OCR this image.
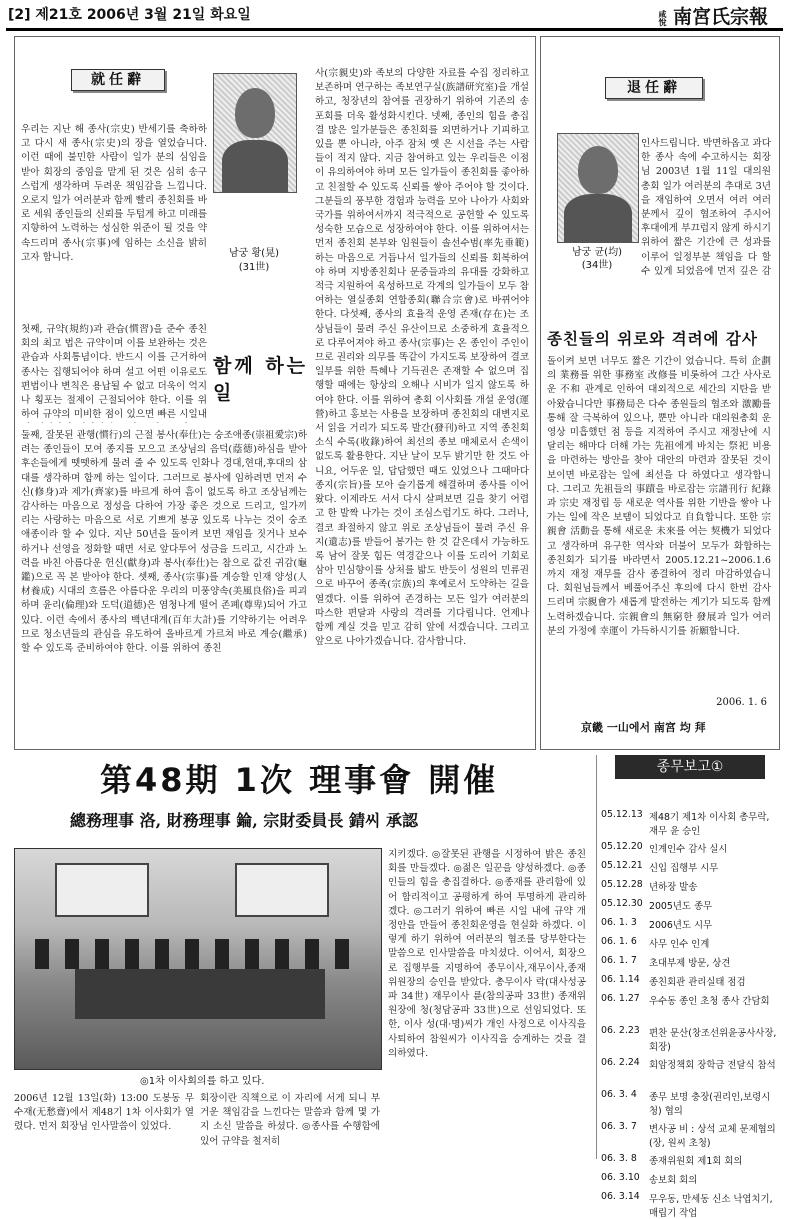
[2] 제21호 2006년 3월 21일 화요일	咸悅 南宮氏宗報
就任辭
남궁 황(晃)
(31世)
우리는 지난 해 종사(宗史) 반세기를 축하하고 다시 새 종사(宗史)의 장을 열었습니다. 이런 때에 불민한 사람이 일가 분의 심임을 받아 회장의 중임을 맡게 된 것은 심히 송구스럽게 생각하며 두려운 책임감을 느낍니다. 오로지 일가 여러분과 함께 빨리 종친회를 바로 세워 종인들의 신뢰를 두텁게 하고 미래를 지향하여 노력하는 성심한 위준이 될 것을 약속드리며 종사(宗事)에 임하는 소신을 밝히고자 합니다.
첫째, 규약(規約)과 관습(慣習)을 준수 종친회의 최고 법은 규약이며 이를 보완하는 것은 관습과 사회통념이다. 반드시 이를 근거하여 종사는 집행되어야 하며 설고 어떤 이유로도 편법이나 변칙은 용납될 수 없고 더욱이 억지나 횡포는 절제이 근절되어야 한다. 이를 위하여 규약의 미비한 점이 있으면 빠른 시일내
함께 하는 일
둘째, 잘못된 관행(慣行)의 근절 봉사(奉仕)는 숭조애종(崇祖愛宗)하려는 종인들이 모여 종지를 모으고 조상님의 음덕(蔭德)하심을 받아 후손들에게 뗏뗏하게 물려 줄 수 있도록 인화나 경대,현대,후대의 삼대를 생각하며 함께 하는 일이다. 그러므로 봉사에 임하려면 먼저 수신(修身)과 제가(齊家)를 바르게 하여 흠이 없도록 하고 조상님께는 감사하는 마음으로 정성을 다하여 가장 좋은 것으로 드리고, 일가끼리는 사랑하는 마음으로 서로 기쁘게 봉공 있도록 나누는 것이 숭조 애종이라 할 수 있다. 지난 50년을 돌이켜 보면 재임을 짓거나 보수하거나 선영을 정화할 때면 서로 앞다투어 성금을 드리고, 시간과 노력을 바친 아름다운 헌신(獻身)과 봉사(奉仕)는 참으로 값진 귀감(龜鑑)으로 꼭 본 받아야 한다. 셋째, 종사(宗事)를 계승할 인재 양성(人材養成) 시대의 흐름은 아름다운 우리의 미풍양속(美風良俗)을 피괴하며 윤리(倫理)와 도덕(道德)은 염청나게 떨어 존폐(尊卑)되어 가고 있다. 이런 속에서 종사의 백년대계(百年大計)를 기약하기는 어려우므로 청소년들의 관심을 유도하여 올바르게 가르쳐 바로 계승(繼承)할 수 있도록 준비하여야 한다. 이를 위하여 종친
사(宗親史)와 족보의 다양한 자료를 수집 정리하고 보존하며 연구하는 족보연구실(族譜研究室)을 개설하고, 청장년의 참여를 권장하기 위하여 기존의 송포회를 더욱 활성화시킨다. 넷째, 종인의 힘을 총집결 많은 일가분들은 종친회를 외면하거나 기피하고 있을 뿐 아니라, 아주 잠처 옛 은 시선을 주는 사람들이 적지 않다. 지금 참여하고 있는 우리들은 이점이 유의하여야 하며 모든 일가들이 종친회를 좋아하고 친절할 수 있도록 신뢰를 쌓아 주어야 할 것이다. 그분들의 풍부한 경험과 능력을 모아 나아가 사회와 국가를 위하여서까지 적극적으로 공헌할 수 있도록 성숙한 모습으로 성장하여야 한다. 이를 위하여서는 먼저 종친회 본부와 임원들이 솔선수범(率先垂範)하는 마음으로 거듭나서 일가들의 신뢰를 회복하여야 하며 지방종친회나 문중들과의 유대를 강화하고 적극 지원하여 육성하므로 각계의 일가들이 모두 참여하는 열실종회 연합종회(聯合宗會)로 바뀌어야 한다. 다섯째, 종사의 효율적 운영 존재(存在)는 조상님들이 물려 주신 유산이므로 소중하게 효율적으로 다루어져야 하고 종사(宗事)는 온 종인이 주인이므로 권리와 의무를 똑같이 가지도록 보장하여 결코 일부를 위한 특혜나 기득권은 존재할 수 없으며 집행할 때에는 항상의 오해나 시비가 일지 않도록 하여야 한다. 이를 위하여 총회 이사회를 개설 운영(運營)하고 홍보는 사용을 보장하며 종친회의 대변지로서 읽을 거리가 되도록 발간(發刊)하고 지역 종친회 소식 수록(收錄)하여 최선의 종보 매체로서 손색이 없도록 활용한다. 지난 날이 모두 밝기만 한 것도 아니요, 어두운 일, 답답했던 때도 있었으나 그때마다 종지(宗旨)를 모아 슬기롭게 해결하며 종사를 이어왔다. 이제라도 서서 다시 살펴보면 길을 찾기 어렵고 한 발짝 나가는 것이 조심스럽기도 하다. 그러나, 결코 좌절하지 않고 위로 조상님들이 물려 주신 유지(遺志)를 받들어 봉가는 한 것 같은데서 가능하도록 남어 잘못 힘든 역경같으나 이를 도리어 기회로 삼아 민심향이를 상처를 밟도 반듯이 성원의 민류권으로 바꾸어 종족(宗族)의 후예로서 도약하는 길을 열겠다. 이를 위하여 존경하는 모든 일가 여러분의 따스한 편달과 사랑의 격려를 기다립니다. 언제나 함께 계실 것을 믿고 감히 앞에 서겠습니다. 그리고 앞으로 나아가겠습니다. 감사합니다.
退任辭
남궁 균(均)
(34世)
인사드립니다. 박면하옵고 과다한 종사 속에 수고하시는 회장님 2003년 1월 11일 대의원 총회 일가 여러분의 추대로 3년을 재임하여 오면서 여러 여러분께서 깊이 협조하여 주시어 후대에게 부끄럽지 않게 하시기 위하여 짧은 기간에 큰 성과를 이루어 일정부분 책임을 다 할 수 있게 되었음에 먼저 깊은 감
종친들의 위로와 격려에 감사
돌이켜 보면 너무도 짧은 기간이 었습니다. 특히 企劃의 業務를 위한 事務室 改修를 비롯하여 그간 사사로운 不和 관계로 인하여 대외적으로 세간의 지탄을 받아왔습니다만 事務局은 다수 종원들의 협조와 激勵를 통해 잘 극복하여 있으나, 뿐만 아니라 대의원총회 운영상 미흡했던 점 등을 지적하여 주시고 재정난에 시달리는 해마다 더해 가는 先祖에게 바치는 祭祀 비용을 마련하는 방안을 찾아 대안의 마련과 잘못된 것이 보이면 바로잡는 일에 최선을 다 하였다고 생각합니다. 그리고 先祖들의 事蹟을 바로잡는 宗譜刊行 紀錄과 宗史 재정립 등 새로운 역사를 위한 기반을 쌓아 나가는 일에 작은 보탬이 되었다고 自負합니다. 또한 宗親會 活動을 통해 새로운 未來를 여는 契機가 되었다고 생각하며 유구한 역사와 더불어 모두가 화합하는 종친회가 되기를 바라면서 2005.12.21~2006.1.6까지 재정 재무를 감사 종결하여 정리 마감하였습니다. 회원님들께서 베풀어주신 후의에 다시 한번 감사드리며 宗親會가 새롭게 발전하는 계기가 되도록 함께 노력하겠습니다. 宗親會의 無窮한 發展과 일가 여러분의 가정에 幸運이 가득하시기를 祈願합니다.
2006. 1. 6
京畿 一山에서 南宮 均 拜
第48期 1次 理事會 開催
總務理事 洛, 財務理事 錀, 宗財委員長 錆씨 承認
◎1차 이사회의를 하고 있다.
2006년 12월 13일(화) 13:00 도봉동 무수재(无愁齋)에서 제48기 1차 이사회가 열렸다. 먼저 회장님 인사말씀이 있었다.
회장이란 직책으로 이 자리에 서게 되니 부거운 책임감을 느낀다는 말씀과 함께 몇 가지 소신 말씀을 하셨다. ◎종사를 수행함에 있어 규약을 철저히
지키겠다. ◎잘못된 관행을 시정하여 밝은 종친회를 만들겠다. ◎젊은 일꾼을 양성하겠다. ◎종인들의 힘을 총집결하다. ◎종재를 관리함에 있어 합리적이고 공평하게 하여 투명하게 관리하겠다. ◎그러기 위하여 빠른 시일 내에 규약 개정안을 만들어 종친회운영을 현실화 하겠다. 이렇게 하기 위하여 여러분의 협조를 당부한다는 말씀으로 인사말씀을 마치셨다. 이어서, 회장으로 집행부를 지명하여 종무이사,재무이사,종재위원장의 승인을 받았다. 총무이사 락(대사성공파 34世) 재무이사 륜(참의공파 33世) 종재위원장에 청(청담공파 33世)으로 선임되었다. 또한, 이사 성(대·명)씨가 개인 사정으로 이사직을 사퇴하여 참원씨가 이사직을 승계하는 것을 결의하였다.
종무보고①
05.12.13 제48기 제1차 이사회 총무락, 재무 윤 승인
05.12.20 인계인수 감사 실시
05.12.21 신입 집행부 시무
05.12.28 년하장 발송
05.12.30 2005년도 종무
06. 1. 3 2006년도 시무
06. 1. 6 사무 인수 인계
06. 1. 7 초대부제 방문, 상견
06. 1.14 종친회관 관리실태 점검
06. 1.27 우수동 종인 초청 종사 간담회
06. 2.23 편찬 문산(창조선위윤공사사장, 회장)
06. 2.24 회암정책회 장학금 전달식 참석
06. 3. 4 종무 보명 충장(권리인,보령시청) 협의
06. 3. 7 변사공 비 : 상석 교체 문제협의(장, 원씨 초청)
06. 3. 8 종재위원회 제1회 회의
06. 3.10 송보회 회의
06. 3.14 무우동, 만세동 신소 낙엽치기, 매립기 작업
